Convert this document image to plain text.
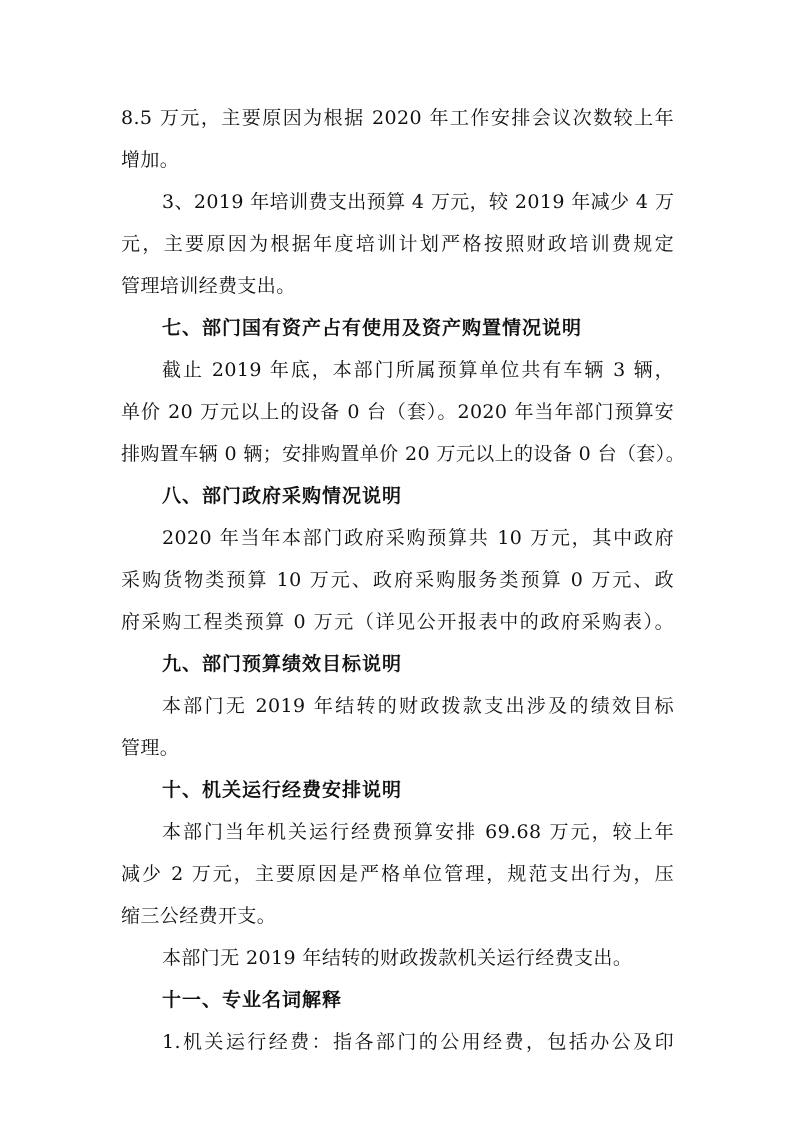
8.5 万元，主要原因为根据 2020 年工作安排会议次数较上年
增加。
3、2019 年培训费支出预算 4 万元，较 2019 年减少 4 万
元，主要原因为根据年度培训计划严格按照财政培训费规定
管理培训经费支出。
七、部门国有资产占有使用及资产购置情况说明
截止 2019 年底，本部门所属预算单位共有车辆 3 辆，
单价 20 万元以上的设备 0 台（套）。2020 年当年部门预算安
排购置车辆 0 辆；安排购置单价 20 万元以上的设备 0 台（套）。
八、部门政府采购情况说明
2020 年当年本部门政府采购预算共 10 万元，其中政府
采购货物类预算 10 万元、政府采购服务类预算 0 万元、政
府采购工程类预算 0 万元（详见公开报表中的政府采购表）。
九、部门预算绩效目标说明
本部门无 2019 年结转的财政拨款支出涉及的绩效目标
管理。
十、机关运行经费安排说明
本部门当年机关运行经费预算安排 69.68 万元，较上年
减少 2 万元，主要原因是严格单位管理，规范支出行为，压
缩三公经费开支。
本部门无 2019 年结转的财政拨款机关运行经费支出。
十一、专业名词解释
1.机关运行经费：指各部门的公用经费，包括办公及印
